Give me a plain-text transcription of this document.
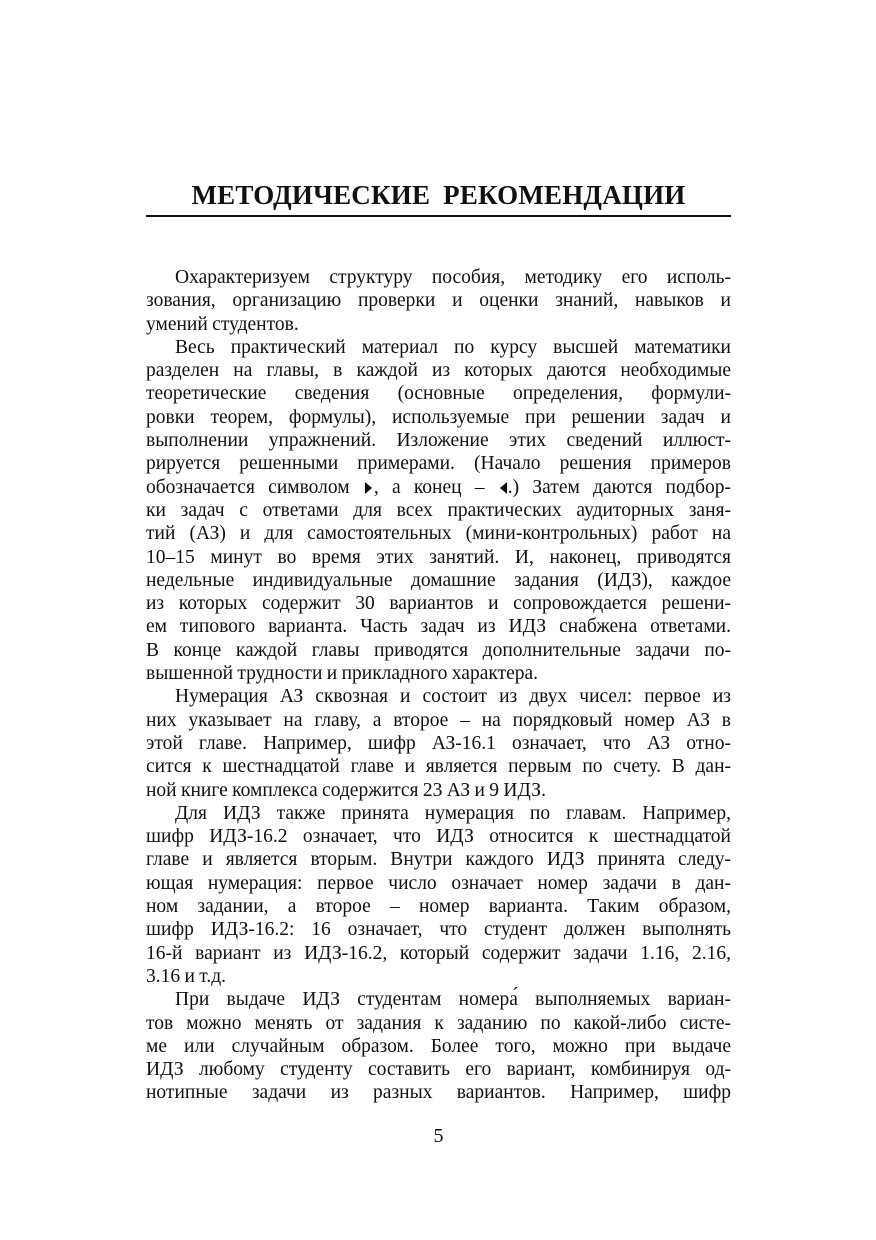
МЕТОДИЧЕСКИЕ РЕКОМЕНДАЦИИ
Охарактеризуем структуру пособия, методику его исполь-
зования, организацию проверки и оценки знаний, навыков и
умений студентов.
Весь практический материал по курсу высшей математики
разделен на главы, в каждой из которых даются необходимые
теоретические сведения (основные определения, формули-
ровки теорем, формулы), используемые при решении задач и
выполнении упражнений. Изложение этих сведений иллюст-
рируется решенными примерами. (Начало решения примеров
обозначается символом , а конец – .) Затем даются подбор-
ки задач с ответами для всех практических аудиторных заня-
тий (АЗ) и для самостоятельных (мини-контрольных) работ на
10–15 минут во время этих занятий. И, наконец, приводятся
недельные индивидуальные домашние задания (ИДЗ), каждое
из которых содержит 30 вариантов и сопровождается решени-
ем типового варианта. Часть задач из ИДЗ снабжена ответами.
В конце каждой главы приводятся дополнительные задачи по-
вышенной трудности и прикладного характера.
Нумерация АЗ сквозная и состоит из двух чисел: первое из
них указывает на главу, а второе – на порядковый номер АЗ в
этой главе. Например, шифр АЗ-16.1 означает, что АЗ отно-
сится к шестнадцатой главе и является первым по счету. В дан-
ной книге комплекса содержится 23 АЗ и 9 ИДЗ.
Для ИДЗ также принята нумерация по главам. Например,
шифр ИДЗ-16.2 означает, что ИДЗ относится к шестнадцатой
главе и является вторым. Внутри каждого ИДЗ принята следу-
ющая нумерация: первое число означает номер задачи в дан-
ном задании, а второе – номер варианта. Таким образом,
шифр ИДЗ-16.2: 16 означает, что студент должен выполнять
16-й вариант из ИДЗ-16.2, который содержит задачи 1.16, 2.16,
3.16 и т.д.
При выдаче ИДЗ студентам номера́ выполняемых вариан-
тов можно менять от задания к заданию по какой-либо систе-
ме или случайным образом. Более того, можно при выдаче
ИДЗ любому студенту составить его вариант, комбинируя од-
нотипные задачи из разных вариантов. Например, шифр
5
